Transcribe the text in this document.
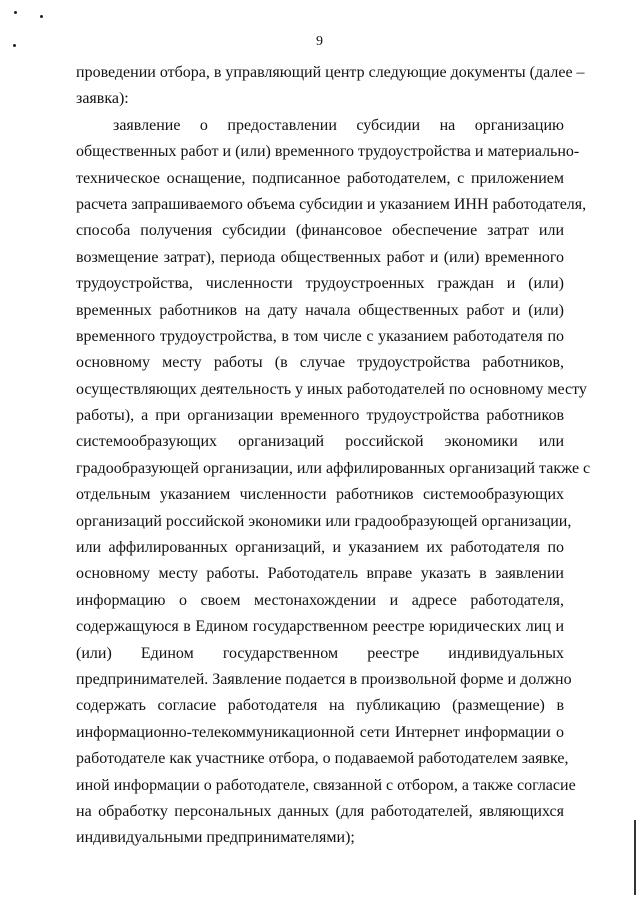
9
проведении отбора, в управляющий центр следующие документы (далее –
заявка):
заявление о предоставлении субсидии на организацию
общественных работ и (или) временного трудоустройства и материально-
техническое оснащение, подписанное работодателем, с приложением
расчета запрашиваемого объема субсидии и указанием ИНН работодателя,
способа получения субсидии (финансовое обеспечение затрат или
возмещение затрат), периода общественных работ и (или) временного
трудоустройства, численности трудоустроенных граждан и (или)
временных работников на дату начала общественных работ и (или)
временного трудоустройства, в том числе с указанием работодателя по
основному месту работы (в случае трудоустройства работников,
осуществляющих деятельность у иных работодателей по основному месту
работы), а при организации временного трудоустройства работников
системообразующих организаций российской экономики или
градообразующей организации, или аффилированных организаций также с
отдельным указанием численности работников системообразующих
организаций российской экономики или градообразующей организации,
или аффилированных организаций, и указанием их работодателя по
основному месту работы. Работодатель вправе указать в заявлении
информацию о своем местонахождении и адресе работодателя,
содержащуюся в Едином государственном реестре юридических лиц и
(или) Едином государственном реестре индивидуальных
предпринимателей. Заявление подается в произвольной форме и должно
содержать согласие работодателя на публикацию (размещение) в
информационно-телекоммуникационной сети Интернет информации о
работодателе как участнике отбора, о подаваемой работодателем заявке,
иной информации о работодателе, связанной с отбором, а также согласие
на обработку персональных данных (для работодателей, являющихся
индивидуальными предпринимателями);
